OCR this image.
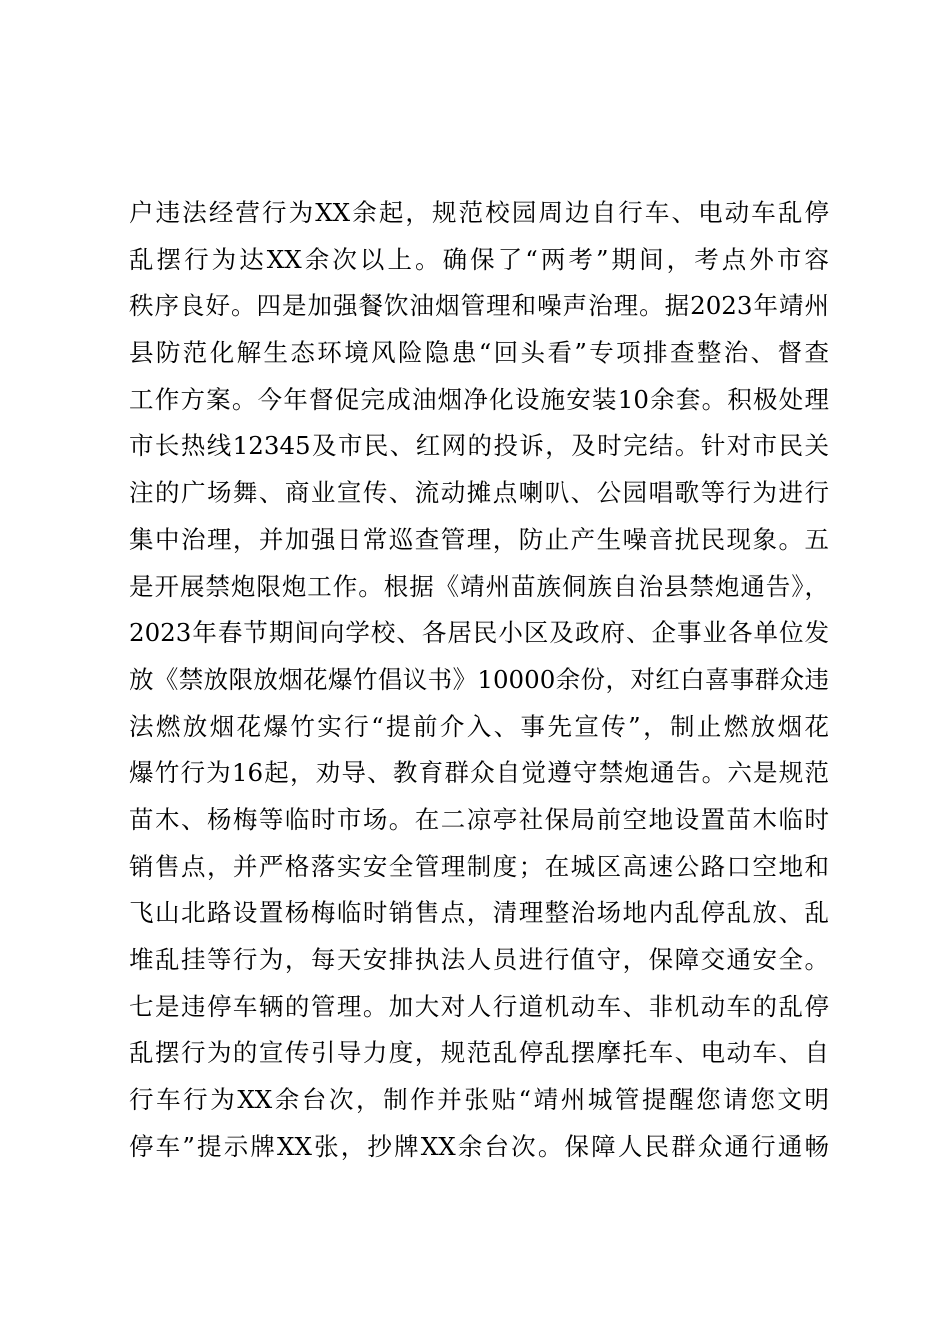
户违法经营行为XX余起，规范校园周边自行车、电动车乱停
乱摆行为达XX余次以上。确保了“两考”期间，考点外市容
秩序良好。四是加强餐饮油烟管理和噪声治理。据2023年靖州
县防范化解生态环境风险隐患“回头看”专项排查整治、督查
工作方案。今年督促完成油烟净化设施安装10余套。积极处理
市长热线12345及市民、红网的投诉，及时完结。针对市民关
注的广场舞、商业宣传、流动摊点喇叭、公园唱歌等行为进行
集中治理，并加强日常巡查管理，防止产生噪音扰民现象。五
是开展禁炮限炮工作。根据《靖州苗族侗族自治县禁炮通告》，
2023年春节期间向学校、各居民小区及政府、企事业各单位发
放《禁放限放烟花爆竹倡议书》10000余份，对红白喜事群众违
法燃放烟花爆竹实行“提前介入、事先宣传”，制止燃放烟花
爆竹行为16起，劝导、教育群众自觉遵守禁炮通告。六是规范
苗木、杨梅等临时市场。在二凉亭社保局前空地设置苗木临时
销售点，并严格落实安全管理制度；在城区高速公路口空地和
飞山北路设置杨梅临时销售点，清理整治场地内乱停乱放、乱
堆乱挂等行为，每天安排执法人员进行值守，保障交通安全。
七是违停车辆的管理。加大对人行道机动车、非机动车的乱停
乱摆行为的宣传引导力度，规范乱停乱摆摩托车、电动车、自
行车行为XX余台次，制作并张贴“靖州城管提醒您请您文明
停车”提示牌XX张，抄牌XX余台次。保障人民群众通行通畅
